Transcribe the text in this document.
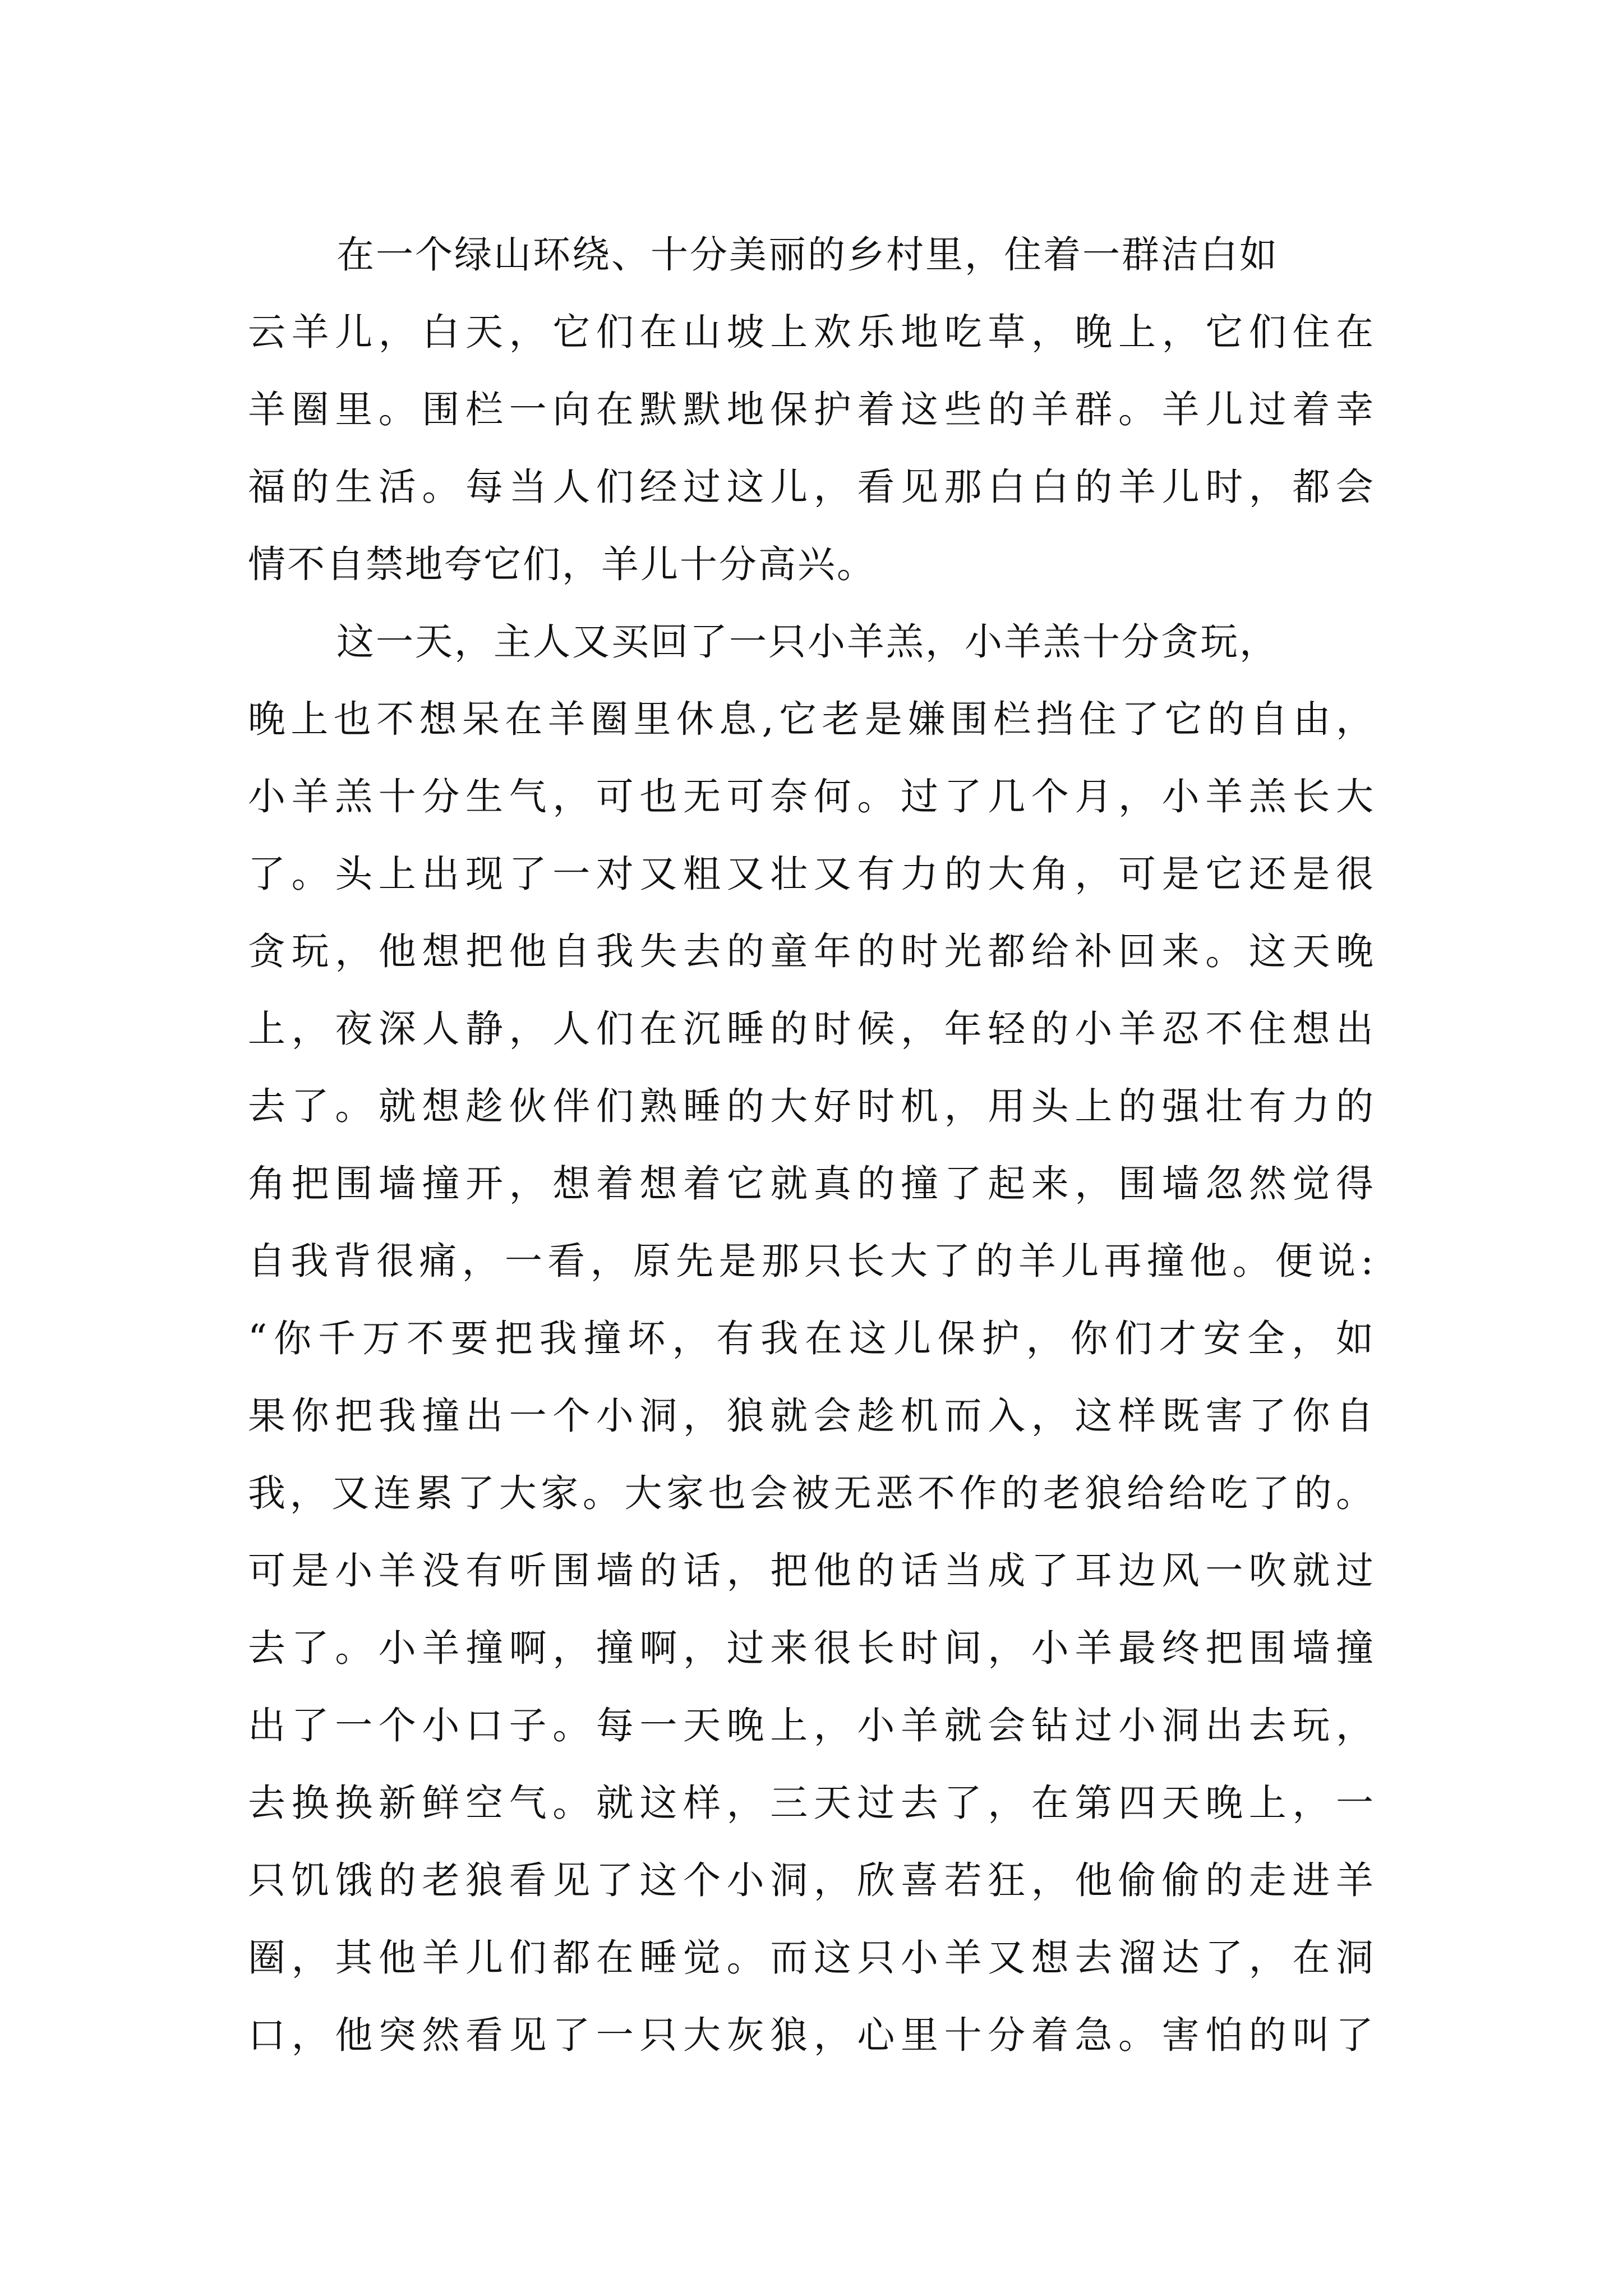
在一个绿山环绕、十分美丽的乡村里，住着一群洁白如
云羊儿，白天，它们在山坡上欢乐地吃草，晚上，它们住在
羊圈里。围栏一向在默默地保护着这些的羊群。羊儿过着幸
福的生活。每当人们经过这儿，看见那白白的羊儿时，都会
情不自禁地夸它们，羊儿十分高兴。
这一天，主人又买回了一只小羊羔，小羊羔十分贪玩，
晚上也不想呆在羊圈里休息,它老是嫌围栏挡住了它的自由，
小羊羔十分生气，可也无可奈何。过了几个月，小羊羔长大
了。头上出现了一对又粗又壮又有力的大角，可是它还是很
贪玩，他想把他自我失去的童年的时光都给补回来。这天晚
上，夜深人静，人们在沉睡的时候，年轻的小羊忍不住想出
去了。就想趁伙伴们熟睡的大好时机，用头上的强壮有力的
角把围墙撞开，想着想着它就真的撞了起来，围墙忽然觉得
自我背很痛，一看，原先是那只长大了的羊儿再撞他。便说:
“你千万不要把我撞坏，有我在这儿保护，你们才安全，如
果你把我撞出一个小洞，狼就会趁机而入，这样既害了你自
我，又连累了大家。大家也会被无恶不作的老狼给给吃了的。
可是小羊没有听围墙的话，把他的话当成了耳边风一吹就过
去了。小羊撞啊，撞啊，过来很长时间，小羊最终把围墙撞
出了一个小口子。每一天晚上，小羊就会钻过小洞出去玩，
去换换新鲜空气。就这样，三天过去了，在第四天晚上，一
只饥饿的老狼看见了这个小洞，欣喜若狂，他偷偷的走进羊
圈，其他羊儿们都在睡觉。而这只小羊又想去溜达了，在洞
口，他突然看见了一只大灰狼，心里十分着急。害怕的叫了
